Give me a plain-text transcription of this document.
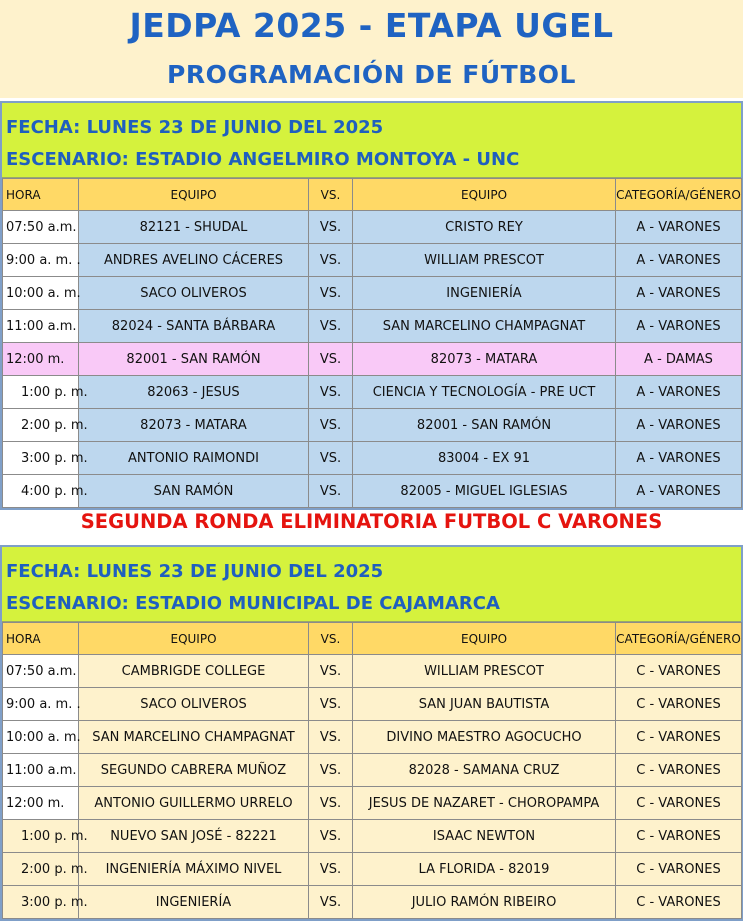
JEDPA 2025 - ETAPA UGEL
PROGRAMACIÓN DE FÚTBOL
FECHA: LUNES 23 DE JUNIO DEL 2025
ESCENARIO: ESTADIO ANGELMIRO MONTOYA - UNC
HORA	EQUIPO	VS.	EQUIPO	CATEGORÍA/GÉNERO
07:50 a.m.	82121 - SHUDAL	VS.	CRISTO REY	A - VARONES
9:00 a. m. .	ANDRES AVELINO CÁCERES	VS.	WILLIAM PRESCOT	A - VARONES
10:00 a. m.	SACO OLIVEROS	VS.	INGENIERÍA	A - VARONES
11:00 a.m.	82024 - SANTA BÁRBARA	VS.	SAN MARCELINO CHAMPAGNAT	A - VARONES
12:00 m.	82001 - SAN RAMÓN	VS.	82073 - MATARA	A - DAMAS
1:00 p. m.	82063 - JESUS	VS.	CIENCIA Y TECNOLOGÍA - PRE UCT	A - VARONES
2:00 p. m.	82073 - MATARA	VS.	82001 - SAN RAMÓN	A - VARONES
3:00 p. m.	ANTONIO RAIMONDI	VS.	83004 - EX 91	A - VARONES
4:00 p. m.	SAN RAMÓN	VS.	82005 - MIGUEL IGLESIAS	A - VARONES
SEGUNDA RONDA ELIMINATORIA FUTBOL C VARONES
FECHA: LUNES 23 DE JUNIO DEL 2025
ESCENARIO: ESTADIO MUNICIPAL DE CAJAMARCA
HORA	EQUIPO	VS.	EQUIPO	CATEGORÍA/GÉNERO
07:50 a.m.	CAMBRIGDE COLLEGE	VS.	WILLIAM PRESCOT	C - VARONES
9:00 a. m. .	SACO OLIVEROS	VS.	SAN JUAN BAUTISTA	C - VARONES
10:00 a. m.	SAN MARCELINO CHAMPAGNAT	VS.	DIVINO MAESTRO AGOCUCHO	C - VARONES
11:00 a.m.	SEGUNDO CABRERA MUÑOZ	VS.	82028 - SAMANA CRUZ	C - VARONES
12:00 m.	ANTONIO GUILLERMO URRELO	VS.	JESUS DE NAZARET - CHOROPAMPA	C - VARONES
1:00 p. m.	NUEVO SAN JOSÉ - 82221	VS.	ISAAC NEWTON	C - VARONES
2:00 p. m.	INGENIERÍA MÁXIMO NIVEL	VS.	LA FLORIDA - 82019	C - VARONES
3:00 p. m.	INGENIERÍA	VS.	JULIO RAMÓN RIBEIRO	C - VARONES
